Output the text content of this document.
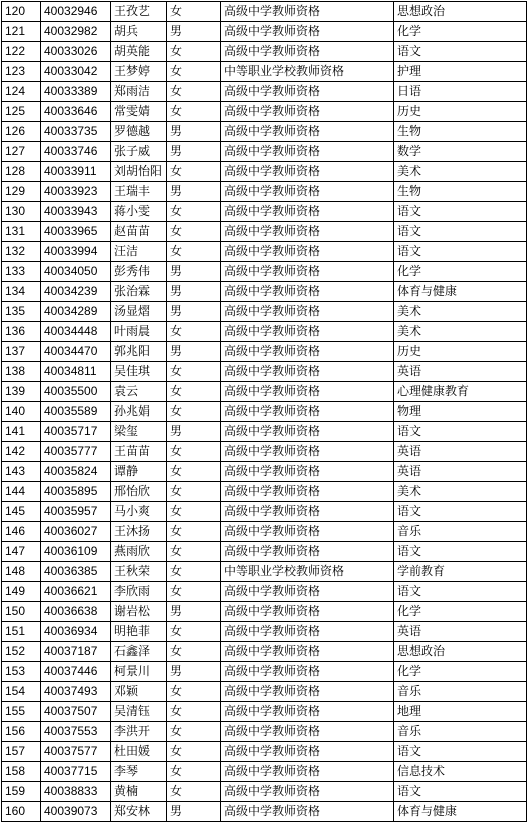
120	40032946	王孜艺	女	高级中学教师资格	思想政治
121	40032982	胡兵	男	高级中学教师资格	化学
122	40033026	胡英能	女	高级中学教师资格	语文
123	40033042	王梦婷	女	中等职业学校教师资格	护理
124	40033389	郑雨洁	女	高级中学教师资格	日语
125	40033646	常雯婧	女	高级中学教师资格	历史
126	40033735	罗德越	男	高级中学教师资格	生物
127	40033746	张子威	男	高级中学教师资格	数学
128	40033911	刘胡怡阳	女	高级中学教师资格	美术
129	40033923	王瑞丰	男	高级中学教师资格	生物
130	40033943	蒋小雯	女	高级中学教师资格	语文
131	40033965	赵苗苗	女	高级中学教师资格	语文
132	40033994	汪洁	女	高级中学教师资格	语文
133	40034050	彭秀伟	男	高级中学教师资格	化学
134	40034239	张治霖	男	高级中学教师资格	体育与健康
135	40034289	汤显熠	男	高级中学教师资格	美术
136	40034448	叶雨晨	女	高级中学教师资格	美术
137	40034470	郭兆阳	男	高级中学教师资格	历史
138	40034811	吴佳琪	女	高级中学教师资格	英语
139	40035500	袁云	女	高级中学教师资格	心理健康教育
140	40035589	孙兆娟	女	高级中学教师资格	物理
141	40035717	梁玺	男	高级中学教师资格	语文
142	40035777	王苗苗	女	高级中学教师资格	英语
143	40035824	谭静	女	高级中学教师资格	英语
144	40035895	邢怡欣	女	高级中学教师资格	美术
145	40035957	马小爽	女	高级中学教师资格	语文
146	40036027	王沐扬	女	高级中学教师资格	音乐
147	40036109	燕雨欣	女	高级中学教师资格	语文
148	40036385	王秋荣	女	中等职业学校教师资格	学前教育
149	40036621	李欣雨	女	高级中学教师资格	语文
150	40036638	谢岩松	男	高级中学教师资格	化学
151	40036934	明艳菲	女	高级中学教师资格	英语
152	40037187	石鑫泽	女	高级中学教师资格	思想政治
153	40037446	柯景川	男	高级中学教师资格	化学
154	40037493	邓颖	女	高级中学教师资格	音乐
155	40037507	吴清钰	女	高级中学教师资格	地理
156	40037553	李洪开	女	高级中学教师资格	音乐
157	40037577	杜田媛	女	高级中学教师资格	语文
158	40037715	李琴	女	高级中学教师资格	信息技术
159	40038833	黄楠	女	高级中学教师资格	语文
160	40039073	郑安林	男	高级中学教师资格	体育与健康
